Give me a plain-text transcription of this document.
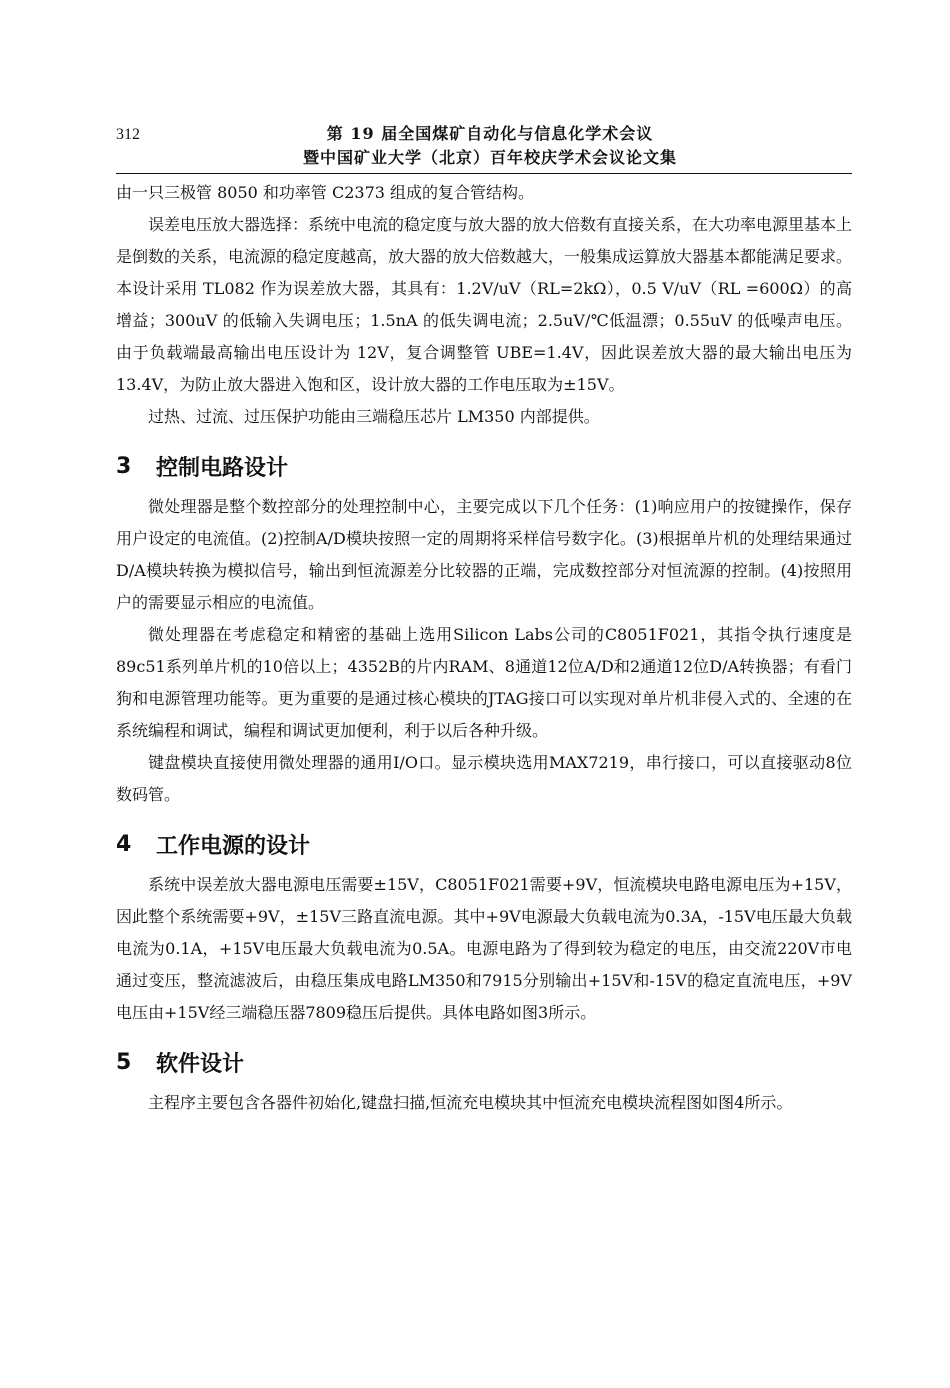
312	第 19 届全国煤矿自动化与信息化学术会议
暨中国矿业大学（北京）百年校庆学术会议论文集

由一只三极管 8050 和功率管 C2373 组成的复合管结构。

误差电压放大器选择：系统中电流的稳定度与放大器的放大倍数有直接关系，在大功率电源里基本上是倒数的关系，电流源的稳定度越高，放大器的放大倍数越大，一般集成运算放大器基本都能满足要求。本设计采用 TL082 作为误差放大器，其具有：1.2V/uV（RL=2kΩ），0.5 V/uV（RL =600Ω）的高增益；300uV 的低输入失调电压；1.5nA 的低失调电流；2.5uV/℃低温漂；0.55uV 的低噪声电压。由于负载端最高输出电压设计为 12V，复合调整管 UBE=1.4V，因此误差放大器的最大输出电压为 13.4V，为防止放大器进入饱和区，设计放大器的工作电压取为±15V。

过热、过流、过压保护功能由三端稳压芯片 LM350 内部提供。

3	控制电路设计

微处理器是整个数控部分的处理控制中心，主要完成以下几个任务：(1)响应用户的按键操作，保存用户设定的电流值。(2)控制A/D模块按照一定的周期将采样信号数字化。(3)根据单片机的处理结果通过D/A模块转换为模拟信号，输出到恒流源差分比较器的正端，完成数控部分对恒流源的控制。(4)按照用户的需要显示相应的电流值。

微处理器在考虑稳定和精密的基础上选用Silicon Labs公司的C8051F021，其指令执行速度是89c51系列单片机的10倍以上；4352B的片内RAM、8通道12位A/D和2通道12位D/A转换器；有看门狗和电源管理功能等。更为重要的是通过核心模块的JTAG接口可以实现对单片机非侵入式的、全速的在系统编程和调试，编程和调试更加便利，利于以后各种升级。

键盘模块直接使用微处理器的通用I/O口。显示模块选用MAX7219，串行接口，可以直接驱动8位数码管。

4	工作电源的设计

系统中误差放大器电源电压需要±15V，C8051F021需要+9V，恒流模块电路电源电压为+15V，因此整个系统需要+9V，±15V三路直流电源。其中+9V电源最大负载电流为0.3A，-15V电压最大负载电流为0.1A，+15V电压最大负载电流为0.5A。电源电路为了得到较为稳定的电压，由交流220V市电通过变压，整流滤波后，由稳压集成电路LM350和7915分别输出+15V和-15V的稳定直流电压，+9V电压由+15V经三端稳压器7809稳压后提供。具体电路如图3所示。

5	软件设计

主程序主要包含各器件初始化,键盘扫描,恒流充电模块其中恒流充电模块流程图如图4所示。
